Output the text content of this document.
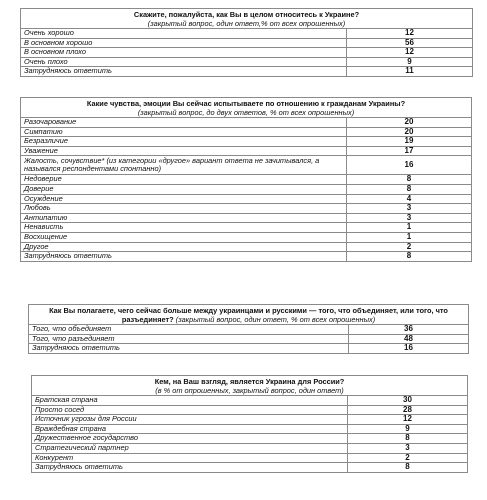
Скажите, пожалуйста, как Вы в целом относитесь к Украине?
(закрытый вопрос, один ответ,% от всех опрошенных)	

Очень хорошо	12
В основном хорошо	56
В основном плохо	12
Очень плохо	9
Затрудняюсь ответить	11
Какие чувства, эмоции Вы сейчас испытываете по отношению к гражданам Украины?
(закрытый вопрос, до двух ответов, % от всех опрошенных)	

Разочарование	20
Симпатию	20
Безразличие	19
Уважение	17
Жалость, сочувствие* (из категории «другое» вариант ответа не зачитывался, а назывался респондентами спонтанно)	16
Недоверие	8
Доверие	8
Осуждение	4
Любовь	3
Антипатию	3
Ненависть	1
Восхищение	1
Другое	2
Затрудняюсь ответить	8
Как Вы полагаете, чего сейчас больше между украинцами и русскими — того, что объединяет, или того, что разъединяет? (закрытый вопрос, один ответ, % от всех опрошенных)	
Того, что объединяет	36
Того, что разъединяет	48
Затрудняюсь ответить	16
Кем, на Ваш взгляд, является Украина для России?
(в % от опрошенных, закрытый вопрос, один ответ)	

Братская страна	30
Просто сосед	28
Источник угрозы для России	12
Враждебная страна	9
Дружественное государство	8
Стратегический партнер	3
Конкурент	2
Затрудняюсь ответить	8
